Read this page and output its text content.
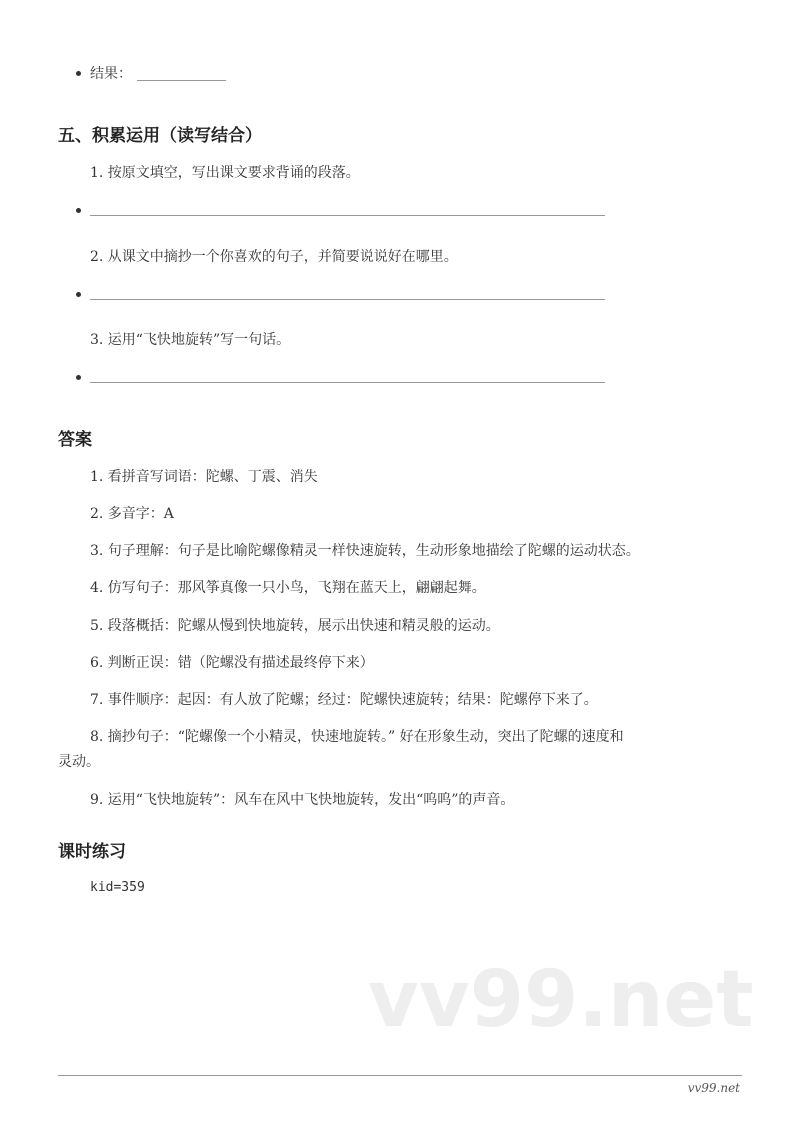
结果：
五、积累运用（读写结合）
1. 按原文填空，写出课文要求背诵的段落。
2. 从课文中摘抄一个你喜欢的句子，并简要说说好在哪里。
3. 运用“飞快地旋转”写一句话。
答案
1. 看拼音写词语：陀螺、丁震、消失
2. 多音字：A
3. 句子理解：句子是比喻陀螺像精灵一样快速旋转，生动形象地描绘了陀螺的运动状态。
4. 仿写句子：那风筝真像一只小鸟，飞翔在蓝天上，翩翩起舞。
5. 段落概括：陀螺从慢到快地旋转，展示出快速和精灵般的运动。
6. 判断正误：错（陀螺没有描述最终停下来）
7. 事件顺序：起因：有人放了陀螺；经过：陀螺快速旋转；结果：陀螺停下来了。
8. 摘抄句子：“陀螺像一个小精灵，快速地旋转。” 好在形象生动，突出了陀螺的速度和
灵动。
9. 运用“飞快地旋转”：风车在风中飞快地旋转，发出“呜呜”的声音。
课时练习
kid=359
vv99.net
vv99.net
